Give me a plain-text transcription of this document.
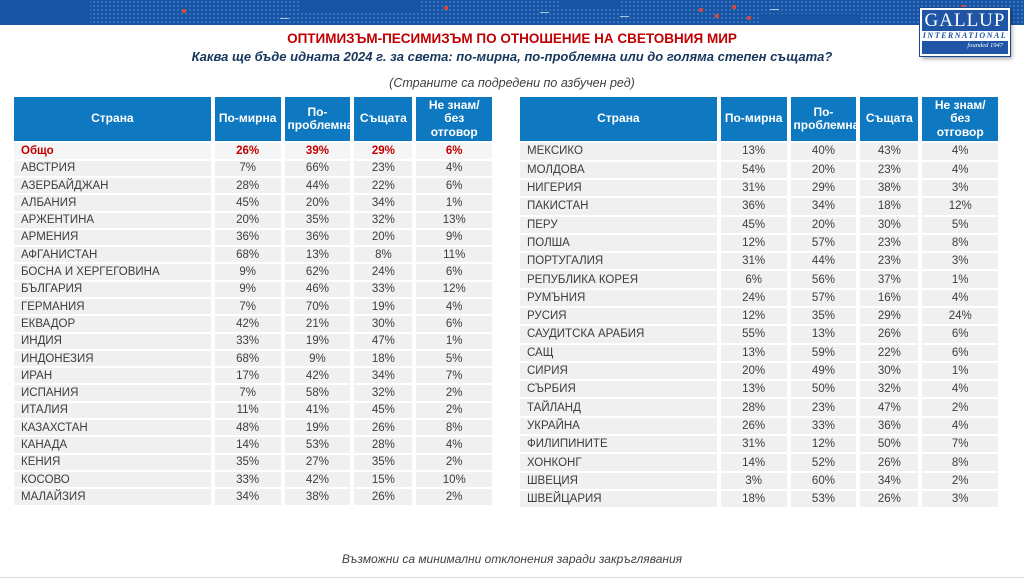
GALLUP
INTERNATIONAL
founded 1947
ОПТИМИЗЪМ-ПЕСИМИЗЪМ ПО ОТНОШЕНИЕ НА СВЕТОВНИЯ МИР
Каква ще бъде идната 2024 г. за света: по-мирна, по-проблемна или до голяма степен същата?
(Страните са подредени по азбучен ред)
Страна	По-мирна	По-проблемна	Същата	Не знам/без отговор
Общо	26%	39%	29%	6%
АВСТРИЯ	7%	66%	23%	4%
АЗЕРБАЙДЖАН	28%	44%	22%	6%
АЛБАНИЯ	45%	20%	34%	1%
АРЖЕНТИНА	20%	35%	32%	13%
АРМЕНИЯ	36%	36%	20%	9%
АФГАНИСТАН	68%	13%	8%	11%
БОСНА И ХЕРГЕГОВИНА	9%	62%	24%	6%
БЪЛГАРИЯ	9%	46%	33%	12%
ГЕРМАНИЯ	7%	70%	19%	4%
ЕКВАДОР	42%	21%	30%	6%
ИНДИЯ	33%	19%	47%	1%
ИНДОНЕЗИЯ	68%	9%	18%	5%
ИРАН	17%	42%	34%	7%
ИСПАНИЯ	7%	58%	32%	2%
ИТАЛИЯ	11%	41%	45%	2%
КАЗАХСТАН	48%	19%	26%	8%
КАНАДА	14%	53%	28%	4%
КЕНИЯ	35%	27%	35%	2%
КОСОВО	33%	42%	15%	10%
МАЛАЙЗИЯ	34%	38%	26%	2%
Страна	По-мирна	По-проблемна	Същата	Не знам/без отговор
МЕКСИКО	13%	40%	43%	4%
МОЛДОВА	54%	20%	23%	4%
НИГЕРИЯ	31%	29%	38%	3%
ПАКИСТАН	36%	34%	18%	12%
ПЕРУ	45%	20%	30%	5%
ПОЛША	12%	57%	23%	8%
ПОРТУГАЛИЯ	31%	44%	23%	3%
РЕПУБЛИКА КОРЕЯ	6%	56%	37%	1%
РУМЪНИЯ	24%	57%	16%	4%
РУСИЯ	12%	35%	29%	24%
САУДИТСКА АРАБИЯ	55%	13%	26%	6%
САЩ	13%	59%	22%	6%
СИРИЯ	20%	49%	30%	1%
СЪРБИЯ	13%	50%	32%	4%
ТАЙЛАНД	28%	23%	47%	2%
УКРАЙНА	26%	33%	36%	4%
ФИЛИПИНИТЕ	31%	12%	50%	7%
ХОНКОНГ	14%	52%	26%	8%
ШВЕЦИЯ	3%	60%	34%	2%
ШВЕЙЦАРИЯ	18%	53%	26%	3%
Възможни са минимални отклонения заради закръглявания
